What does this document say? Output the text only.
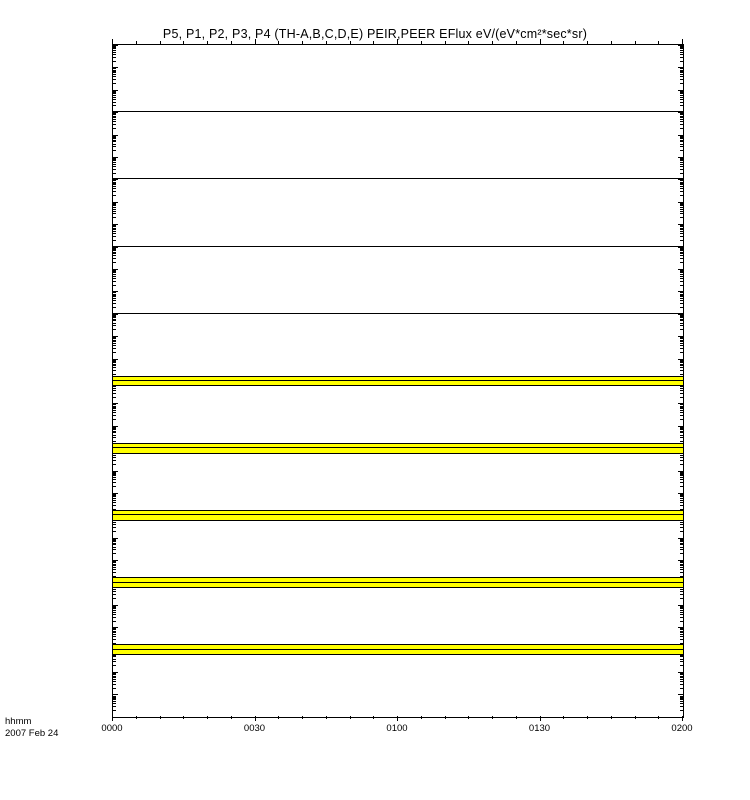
P5, P1, P2, P3, P4 (TH-A,B,C,D,E) PEIR,PEER EFlux eV/(eV*cm²*sec*sr)
0000	0030	0100	0130	0200
hhmm
2007 Feb 24
